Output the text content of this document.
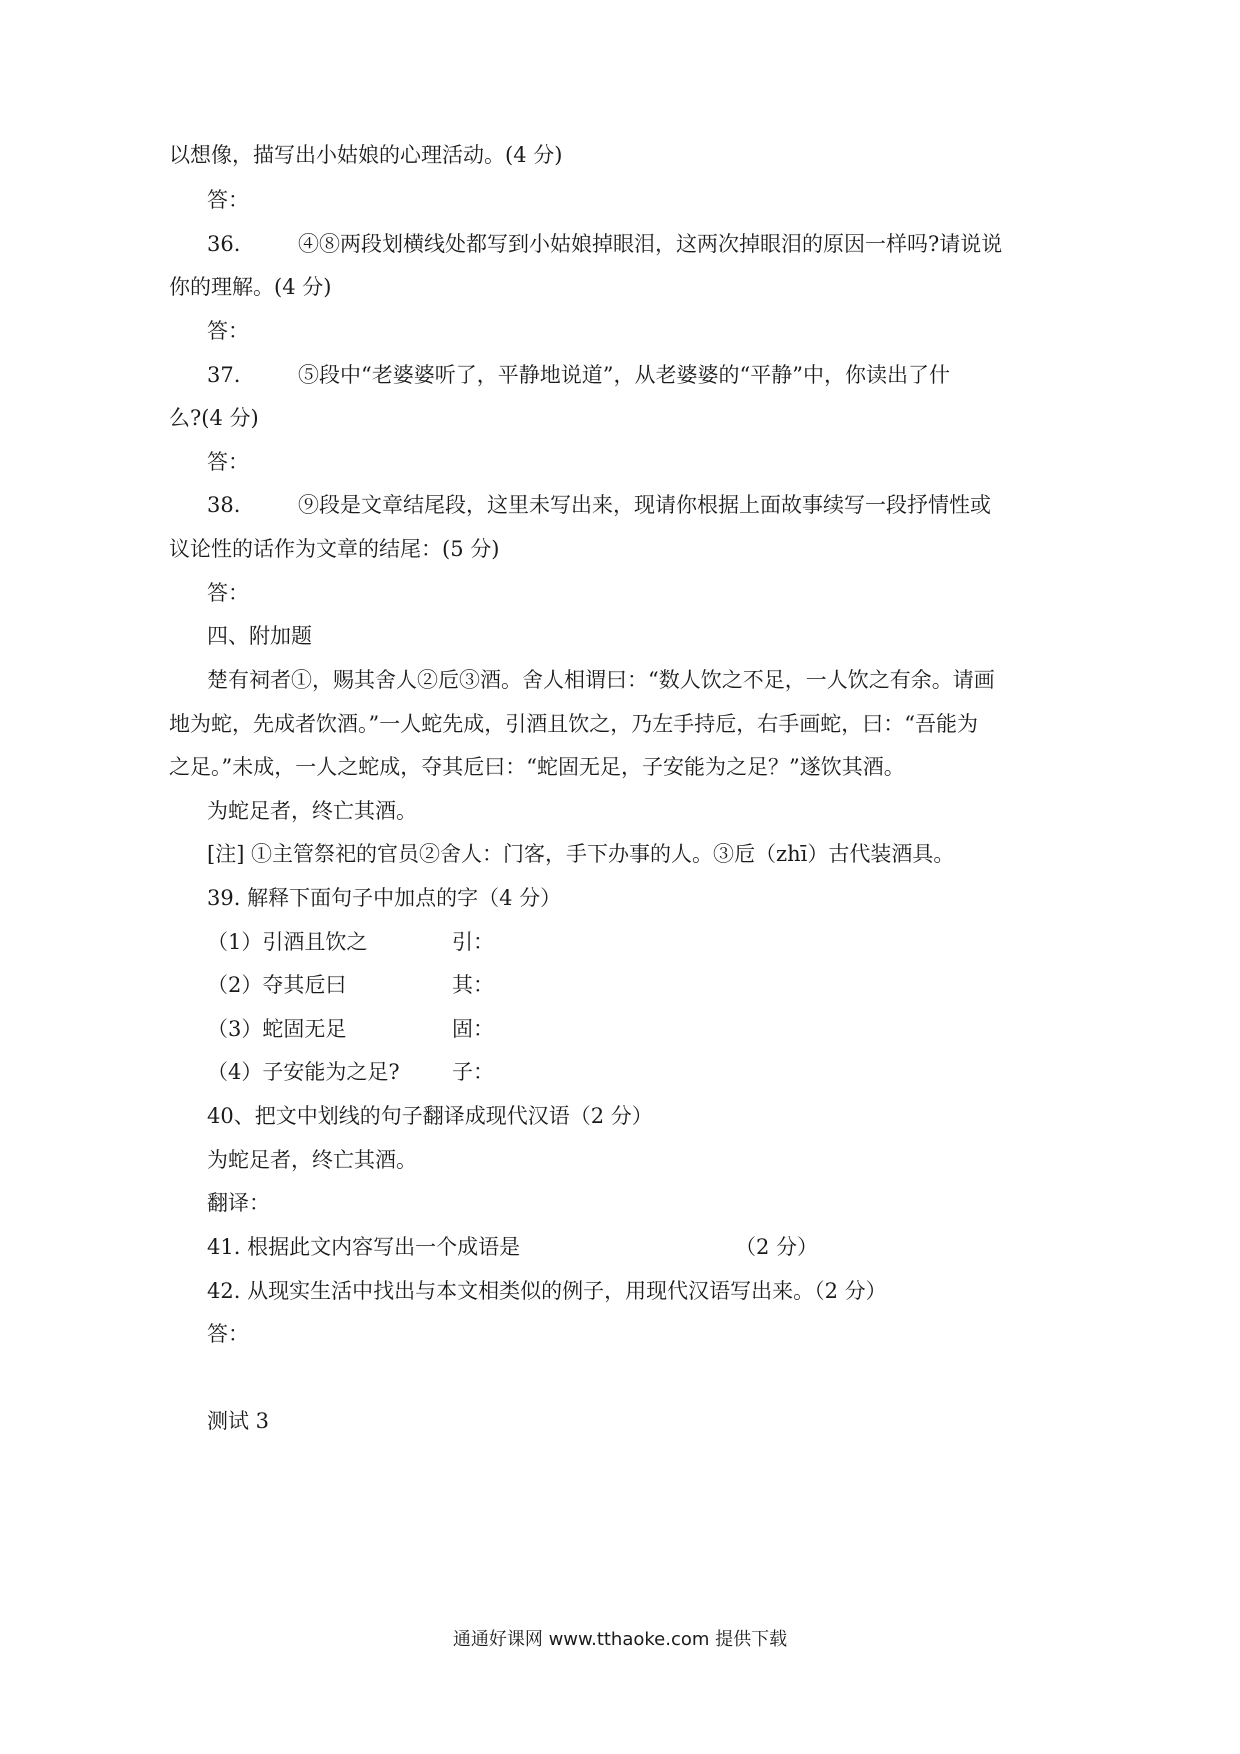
以想像，描写出小姑娘的心理活动。(4 分)
答：
36.	④⑧两段划横线处都写到小姑娘掉眼泪，这两次掉眼泪的原因一样吗?请说说
你的理解。(4 分)
答：
37.	⑤段中“老婆婆听了，平静地说道”，从老婆婆的“平静”中，你读出了什
么?(4 分)
答：
38.	⑨段是文章结尾段，这里未写出来，现请你根据上面故事续写一段抒情性或
议论性的话作为文章的结尾：(5 分)
答：
四、附加题
楚有祠者①，赐其舍人②卮③酒。舍人相谓曰：“数人饮之不足，一人饮之有余。请画
地为蛇，先成者饮酒。”一人蛇先成，引酒且饮之，乃左手持卮，右手画蛇，曰：“吾能为
之足。”未成，一人之蛇成，夺其卮曰：“蛇固无足，子安能为之足？”遂饮其酒。
为蛇足者，终亡其酒。
[注] ①主管祭祀的官员②舍人：门客，手下办事的人。③卮（zhī）古代装酒具。
39. 解释下面句子中加点的字（4 分）
（1）引酒且饮之	引：
（2）夺其卮曰	其：
（3）蛇固无足	固：
（4）子安能为之足? 子：
40、把文中划线的句子翻译成现代汉语（2 分）
为蛇足者，终亡其酒。
翻译：
41. 根据此文内容写出一个成语是	（2 分）
42. 从现实生活中找出与本文相类似的例子，用现代汉语写出来。（2 分）
答：
测试 3
通通好课网 www.tthaoke.com 提供下载
